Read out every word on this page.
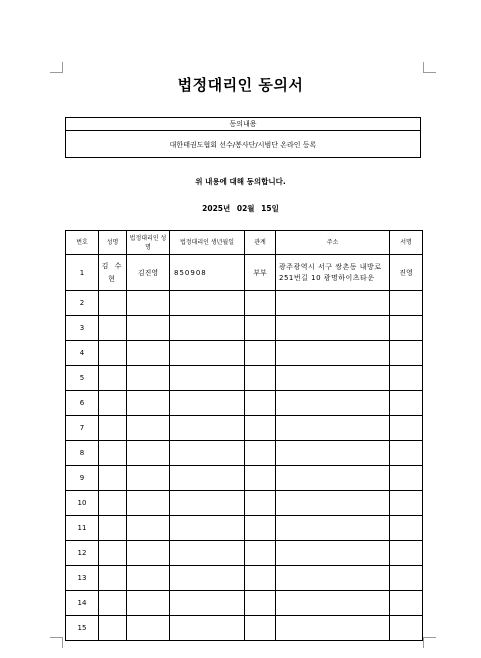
법정대리인 동의서
동의내용
대한태권도협회 선수/봉사단/시범단 온라인 등록
위 내용에 대해 동의합니다.
2025년 02월 15일
번호	성명	법정대리인 성명	법정대리인 생년월일	관계	주소	서명
1	김 수 현	김진영	850908	부부	광주광역시 서구 쌍촌동 내방로 251번길 10 광명하이츠타운	진영
2						
3						
4						
5						
6						
7						
8						
9						
10						
11						
12						
13						
14						
15						
